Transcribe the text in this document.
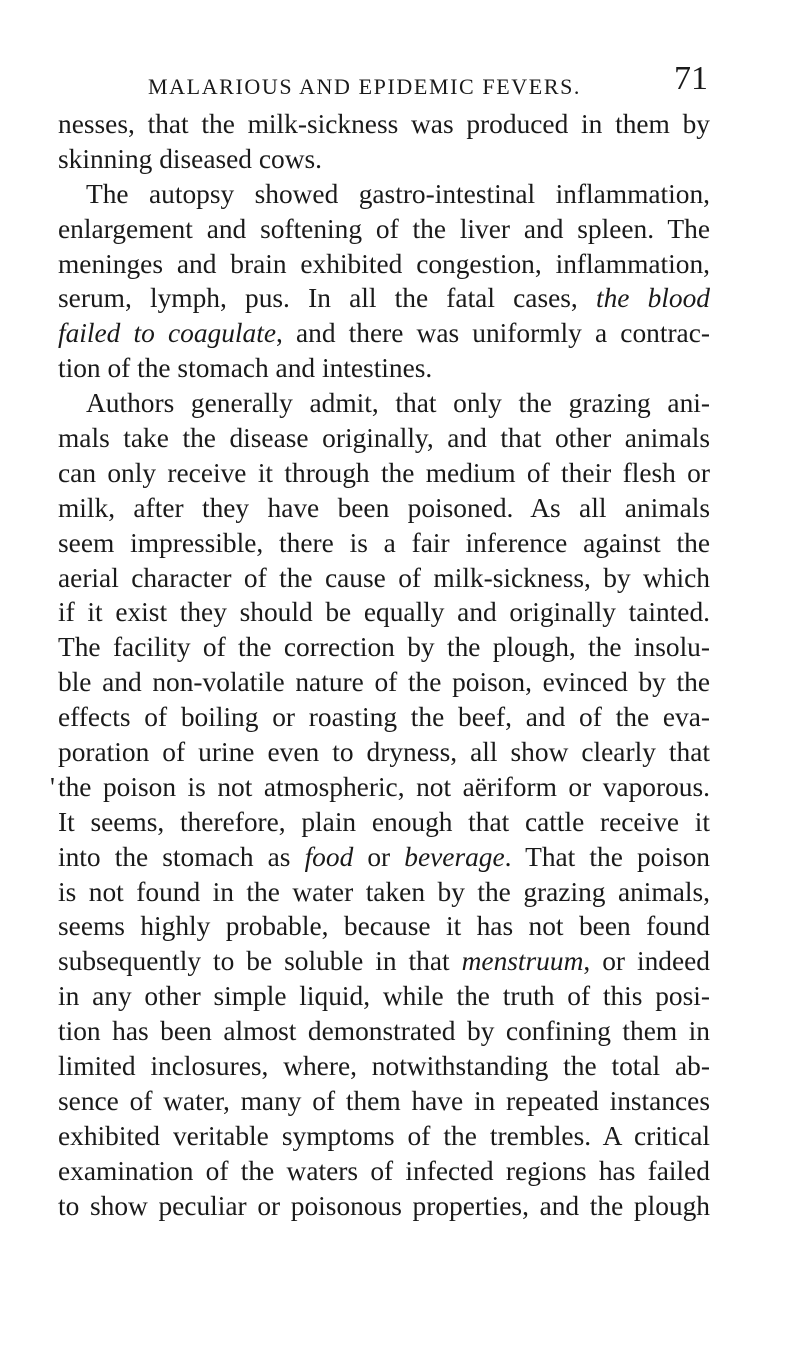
MALARIOUS AND EPIDEMIC FEVERS.	71
nesses, that the milk-sickness was produced in them by
skinning diseased cows.
The autopsy showed gastro-intestinal inflammation,
enlargement and softening of the liver and spleen. The
meninges and brain exhibited congestion, inflammation,
serum, lymph, pus. In all the fatal cases, the blood
failed to coagulate, and there was uniformly a contrac-
tion of the stomach and intestines.
Authors generally admit, that only the grazing ani-
mals take the disease originally, and that other animals
can only receive it through the medium of their flesh or
milk, after they have been poisoned. As all animals
seem impressible, there is a fair inference against the
aerial character of the cause of milk-sickness, by which
if it exist they should be equally and originally tainted.
The facility of the correction by the plough, the insolu-
ble and non-volatile nature of the poison, evinced by the
effects of boiling or roasting the beef, and of the eva-
poration of urine even to dryness, all show clearly that
' the poison is not atmospheric, not aëriform or vaporous.
It seems, therefore, plain enough that cattle receive it
into the stomach as food or beverage. That the poison
is not found in the water taken by the grazing animals,
seems highly probable, because it has not been found
subsequently to be soluble in that menstruum, or indeed
in any other simple liquid, while the truth of this posi-
tion has been almost demonstrated by confining them in
limited inclosures, where, notwithstanding the total ab-
sence of water, many of them have in repeated instances
exhibited veritable symptoms of the trembles. A critical
examination of the waters of infected regions has failed
to show peculiar or poisonous properties, and the plough
